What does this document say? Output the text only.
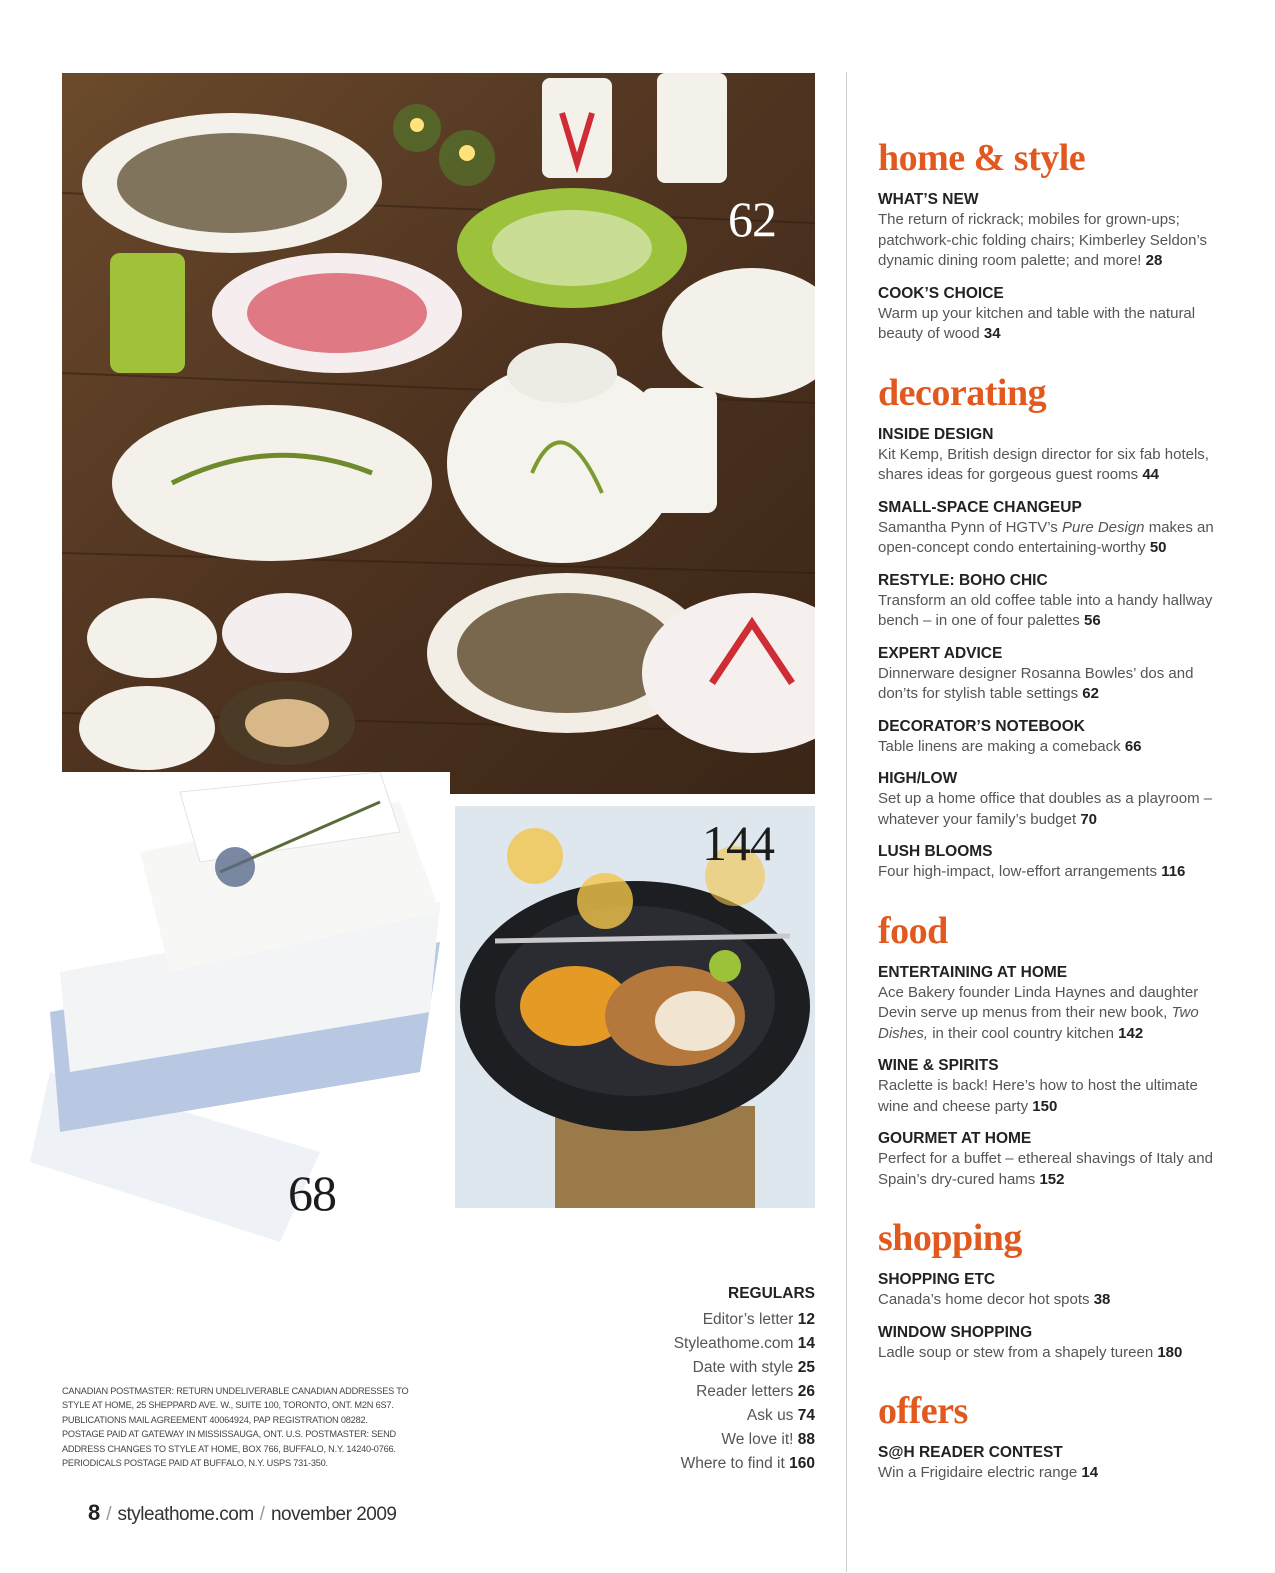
62
68
144
home & style
WHAT’S NEW
The return of rickrack; mobiles for grown-ups; patchwork-chic folding chairs; Kimberley Seldon’s dynamic dining room palette; and more! 28
COOK’S CHOICE
Warm up your kitchen and table with the natural beauty of wood 34
decorating
INSIDE DESIGN
Kit Kemp, British design director for six fab hotels, shares ideas for gorgeous guest rooms 44
SMALL-SPACE CHANGEUP
Samantha Pynn of HGTV’s Pure Design makes an open-concept condo entertaining-worthy 50
RESTYLE: BOHO CHIC
Transform an old coffee table into a handy hallway bench – in one of four palettes 56
EXPERT ADVICE
Dinnerware designer Rosanna Bowles’ dos and don’ts for stylish table settings 62
DECORATOR’S NOTEBOOK
Table linens are making a comeback 66
HIGH/LOW
Set up a home office that doubles as a playroom – whatever your family’s budget 70
LUSH BLOOMS
Four high-impact, low-effort arrangements 116
food
ENTERTAINING AT HOME
Ace Bakery founder Linda Haynes and daughter Devin serve up menus from their new book, Two Dishes, in their cool country kitchen 142
WINE & SPIRITS
Raclette is back! Here’s how to host the ultimate wine and cheese party 150
GOURMET AT HOME
Perfect for a buffet – ethereal shavings of Italy and Spain’s dry-cured hams 152
shopping
SHOPPING ETC
Canada’s home decor hot spots 38
WINDOW SHOPPING
Ladle soup or stew from a shapely tureen 180
offers
S@H READER CONTEST
Win a Frigidaire electric range 14
REGULARS
Editor’s letter 12
Styleathome.com 14
Date with style 25
Reader letters 26
Ask us 74
We love it! 88
Where to find it 160
CANADIAN POSTMASTER: RETURN UNDELIVERABLE CANADIAN ADDRESSES TO STYLE AT HOME, 25 SHEPPARD AVE. W., SUITE 100, TORONTO, ONT. M2N 6S7. PUBLICATIONS MAIL AGREEMENT 40064924, PAP REGISTRATION 08282. POSTAGE PAID AT GATEWAY IN MISSISSAUGA, ONT. U.S. POSTMASTER: SEND ADDRESS CHANGES TO STYLE AT HOME, BOX 766, BUFFALO, N.Y. 14240-0766. PERIODICALS POSTAGE PAID AT BUFFALO, N.Y. USPS 731-350.
8 / styleathome.com / november 2009
